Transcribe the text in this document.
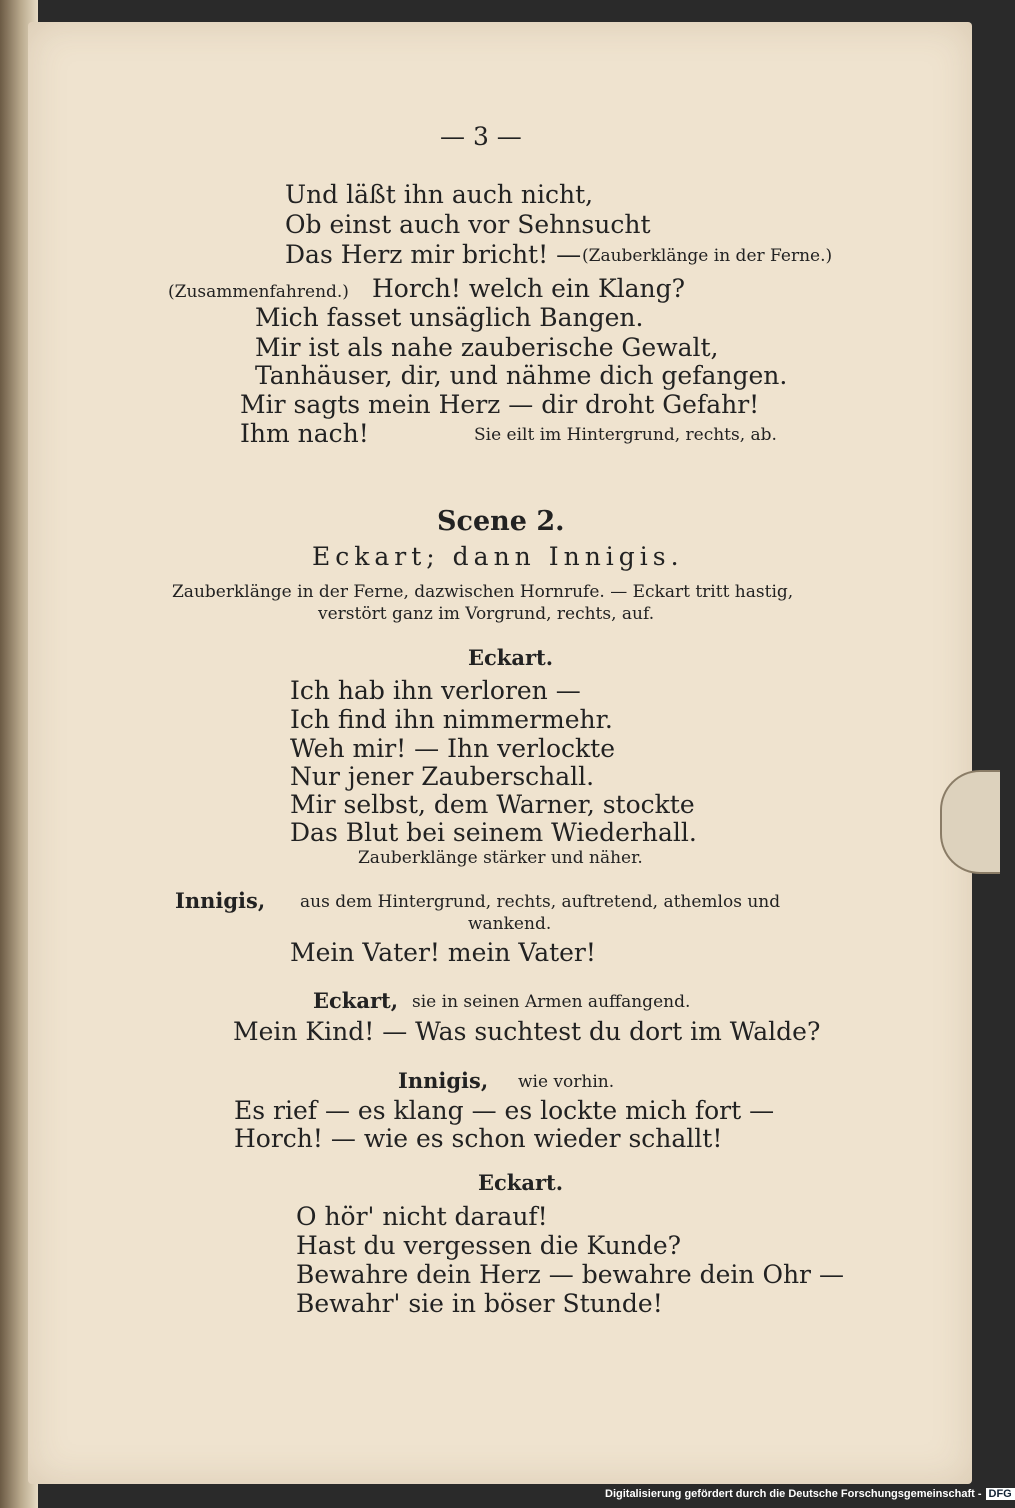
— 3 —
Und läßt ihn auch nicht,
Ob einst auch vor Sehnsucht
Das Herz mir bricht! — (Zauberklänge in der Ferne.)
(Zusammenfahrend.) Horch! welch ein Klang?
Mich fasset unsäglich Bangen.
Mir ist als nahe zauberische Gewalt,
Tanhäuser, dir, und nähme dich gefangen.
Mir sagts mein Herz — dir droht Gefahr!
Ihm nach!	Sie eilt im Hintergrund, rechts, ab.
Scene 2.
Eckart; dann Innigis.
Zauberklänge in der Ferne, dazwischen Hornrufe. — Eckart tritt hastig,
verstört ganz im Vorgrund, rechts, auf.
Eckart.
Ich hab ihn verloren —
Ich find ihn nimmermehr.
Weh mir! — Ihn verlockte
Nur jener Zauberschall.
Mir selbst, dem Warner, stockte
Das Blut bei seinem Wiederhall.
Zauberklänge stärker und näher.
Innigis, aus dem Hintergrund, rechts, auftretend, athemlos und
wankend.
Mein Vater! mein Vater!
Eckart, sie in seinen Armen auffangend.
Mein Kind! — Was suchtest du dort im Walde?
Innigis, wie vorhin.
Es rief — es klang — es lockte mich fort —
Horch! — wie es schon wieder schallt!
Eckart.
O hör' nicht darauf!
Hast du vergessen die Kunde?
Bewahre dein Herz — bewahre dein Ohr —
Bewahr' sie in böser Stunde!
Digitalisierung gefördert durch die Deutsche Forschungsgemeinschaft - DFG
